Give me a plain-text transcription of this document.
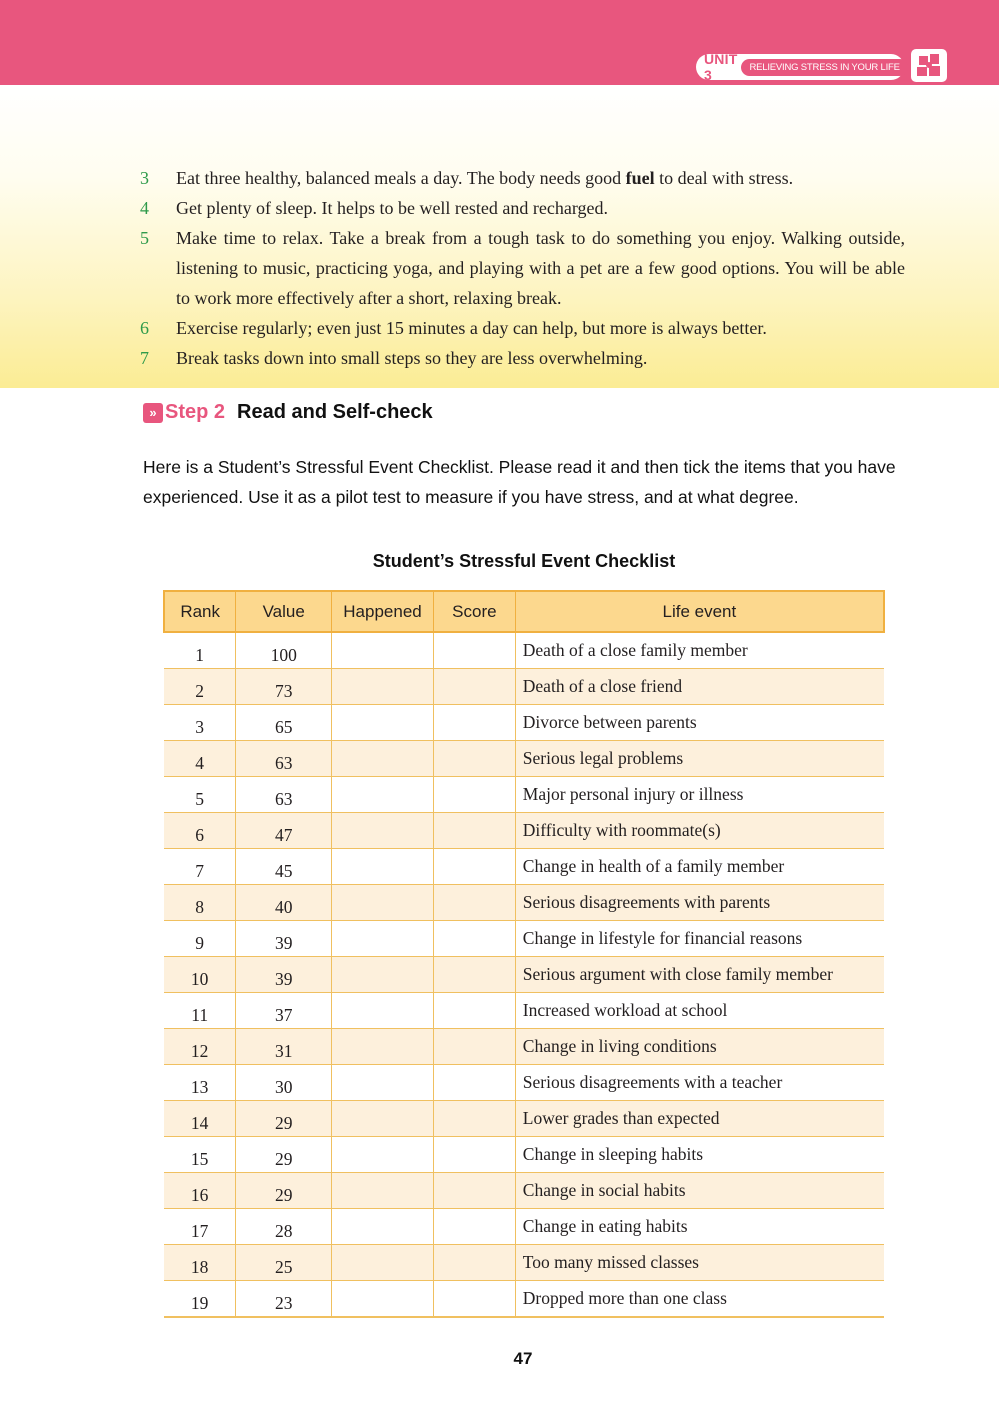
UNIT 3	RELIEVING STRESS IN YOUR LIFE
3	Eat three healthy, balanced meals a day. The body needs good fuel to deal with stress.
4	Get plenty of sleep. It helps to be well rested and recharged.
5	Make time to relax. Take a break from a tough task to do something you enjoy. Walking outside, listening to music, practicing yoga, and playing with a pet are a few good options. You will be able to work more effectively after a short, relaxing break.
6	Exercise regularly; even just 15 minutes a day can help, but more is always better.
7	Break tasks down into small steps so they are less overwhelming.
» Step 2 Read and Self-check
Here is a Student’s Stressful Event Checklist. Please read it and then tick the items that you have experienced. Use it as a pilot test to measure if you have stress, and at what degree.
Student’s Stressful Event Checklist
Rank	Value	Happened	Score	Life event
1	100			Death of a close family member
2	73			Death of a close friend
3	65			Divorce between parents
4	63			Serious legal problems
5	63			Major personal injury or illness
6	47			Difficulty with roommate(s)
7	45			Change in health of a family member
8	40			Serious disagreements with parents
9	39			Change in lifestyle for financial reasons
10	39			Serious argument with close family member
11	37			Increased workload at school
12	31			Change in living conditions
13	30			Serious disagreements with a teacher
14	29			Lower grades than expected
15	29			Change in sleeping habits
16	29			Change in social habits
17	28			Change in eating habits
18	25			Too many missed classes
19	23			Dropped more than one class
47
